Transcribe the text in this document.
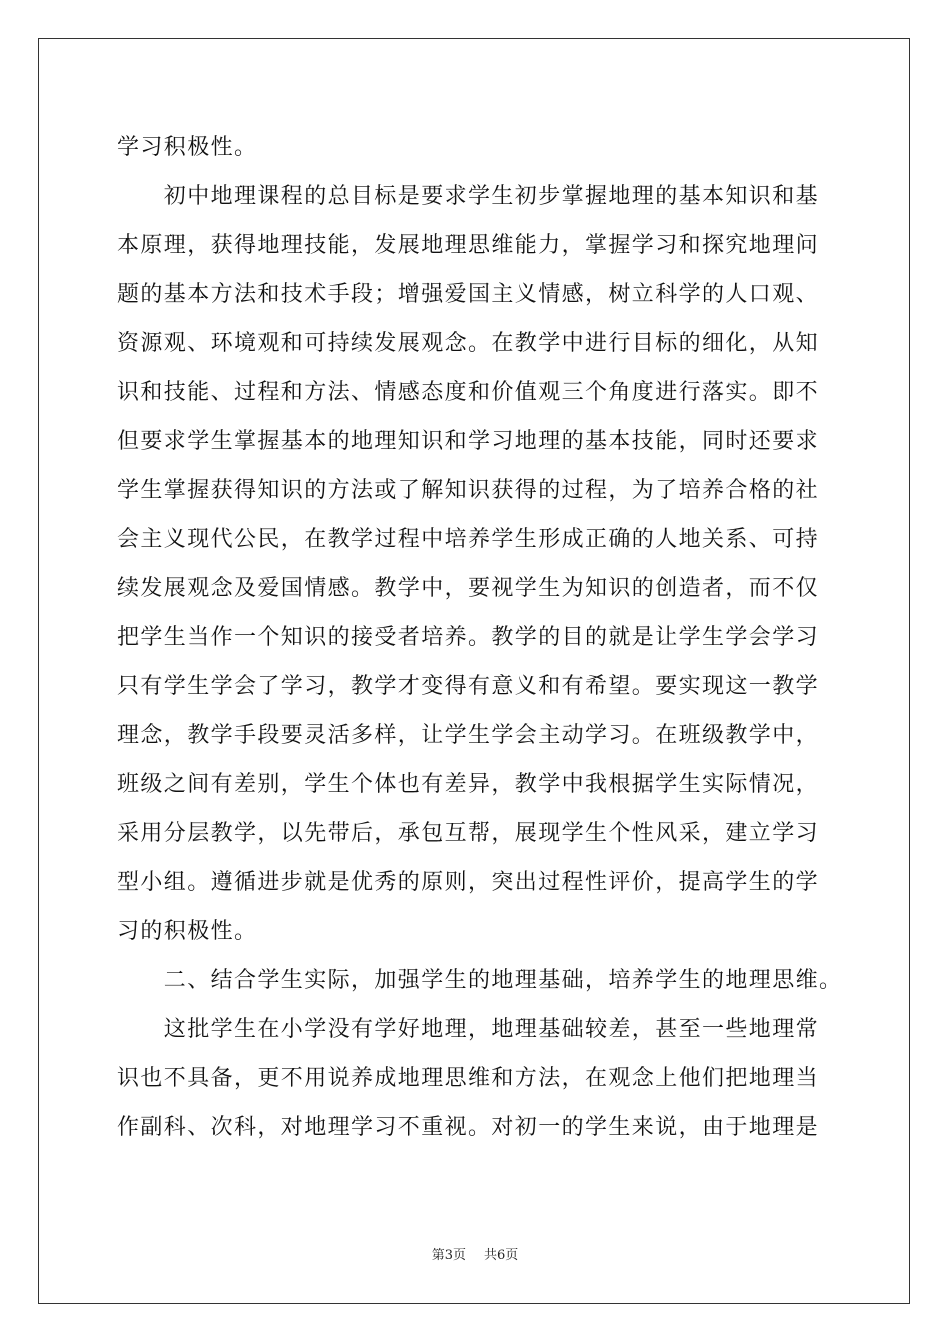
学习积极性。
　　初中地理课程的总目标是要求学生初步掌握地理的基本知识和基
本原理，获得地理技能，发展地理思维能力，掌握学习和探究地理问
题的基本方法和技术手段；增强爱国主义情感，树立科学的人口观、
资源观、环境观和可持续发展观念。在教学中进行目标的细化，从知
识和技能、过程和方法、情感态度和价值观三个角度进行落实。即不
但要求学生掌握基本的地理知识和学习地理的基本技能，同时还要求
学生掌握获得知识的方法或了解知识获得的过程，为了培养合格的社
会主义现代公民，在教学过程中培养学生形成正确的人地关系、可持
续发展观念及爱国情感。教学中，要视学生为知识的创造者，而不仅
把学生当作一个知识的接受者培养。教学的目的就是让学生学会学习
只有学生学会了学习，教学才变得有意义和有希望。要实现这一教学
理念，教学手段要灵活多样，让学生学会主动学习。在班级教学中，
班级之间有差别，学生个体也有差异，教学中我根据学生实际情况，
采用分层教学，以先带后，承包互帮，展现学生个性风采，建立学习
型小组。遵循进步就是优秀的原则，突出过程性评价，提高学生的学
习的积极性。
　　二、结合学生实际，加强学生的地理基础，培养学生的地理思维。
　　这批学生在小学没有学好地理，地理基础较差，甚至一些地理常
识也不具备，更不用说养成地理思维和方法，在观念上他们把地理当
作副科、次科，对地理学习不重视。对初一的学生来说，由于地理是
第3页 共6页
